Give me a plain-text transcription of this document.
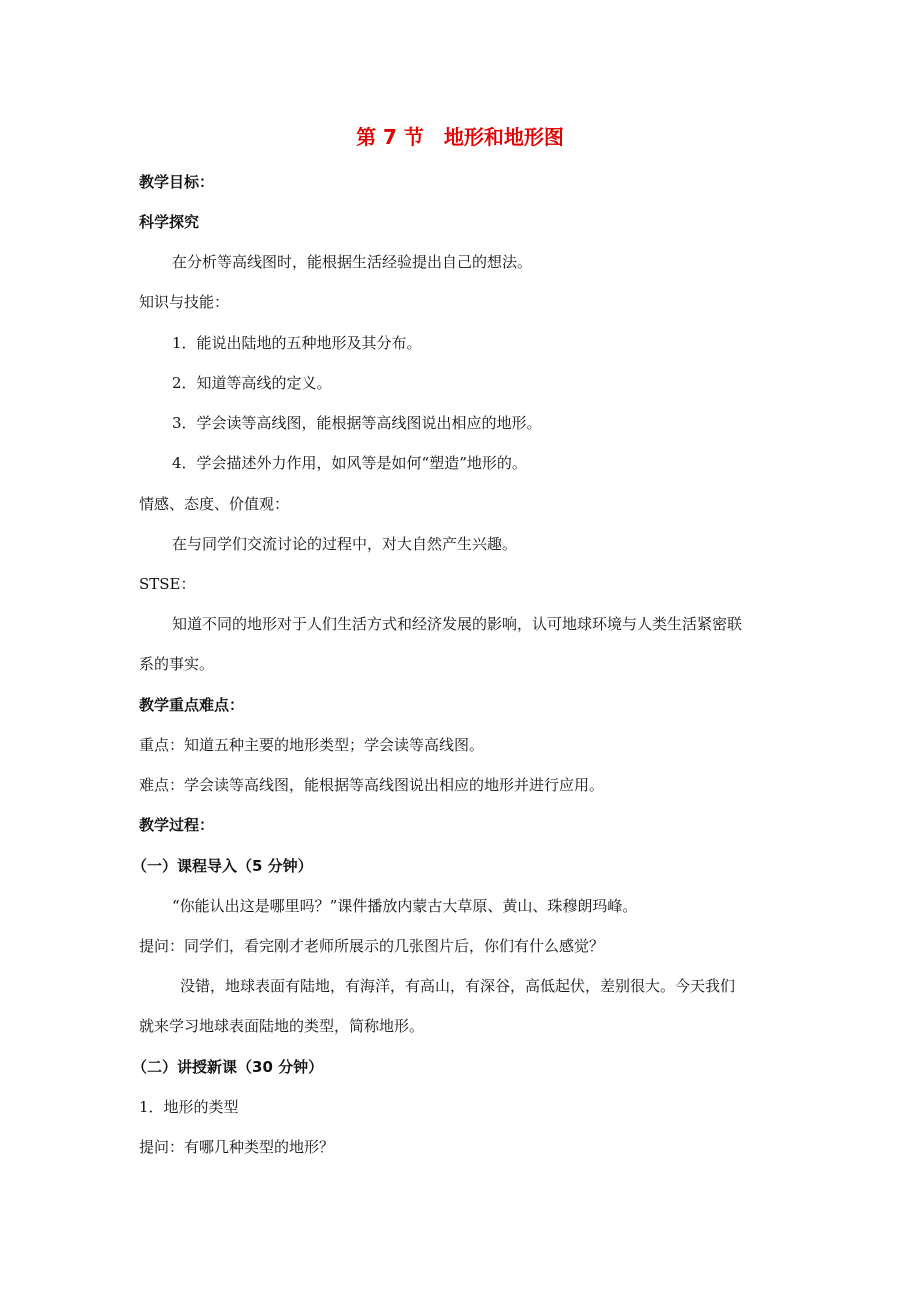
第 7 节　地形和地形图
教学目标：
科学探究
在分析等高线图时，能根据生活经验提出自己的想法。
知识与技能：
1．能说出陆地的五种地形及其分布。
2．知道等高线的定义。
3．学会读等高线图，能根据等高线图说出相应的地形。
4．学会描述外力作用，如风等是如何“塑造”地形的。
情感、态度、价值观：
在与同学们交流讨论的过程中，对大自然产生兴趣。
STSE：
知道不同的地形对于人们生活方式和经济发展的影响，认可地球环境与人类生活紧密联
系的事实。
教学重点难点：
重点：知道五种主要的地形类型；学会读等高线图。
难点：学会读等高线图，能根据等高线图说出相应的地形并进行应用。
教学过程：
（一）课程导入（5 分钟）
“你能认出这是哪里吗？”课件播放内蒙古大草原、黄山、珠穆朗玛峰。
提问：同学们，看完刚才老师所展示的几张图片后，你们有什么感觉？
没错，地球表面有陆地，有海洋，有高山，有深谷，高低起伏，差别很大。今天我们
就来学习地球表面陆地的类型，简称地形。
（二）讲授新课（30 分钟）
1．地形的类型
提问：有哪几种类型的地形？
